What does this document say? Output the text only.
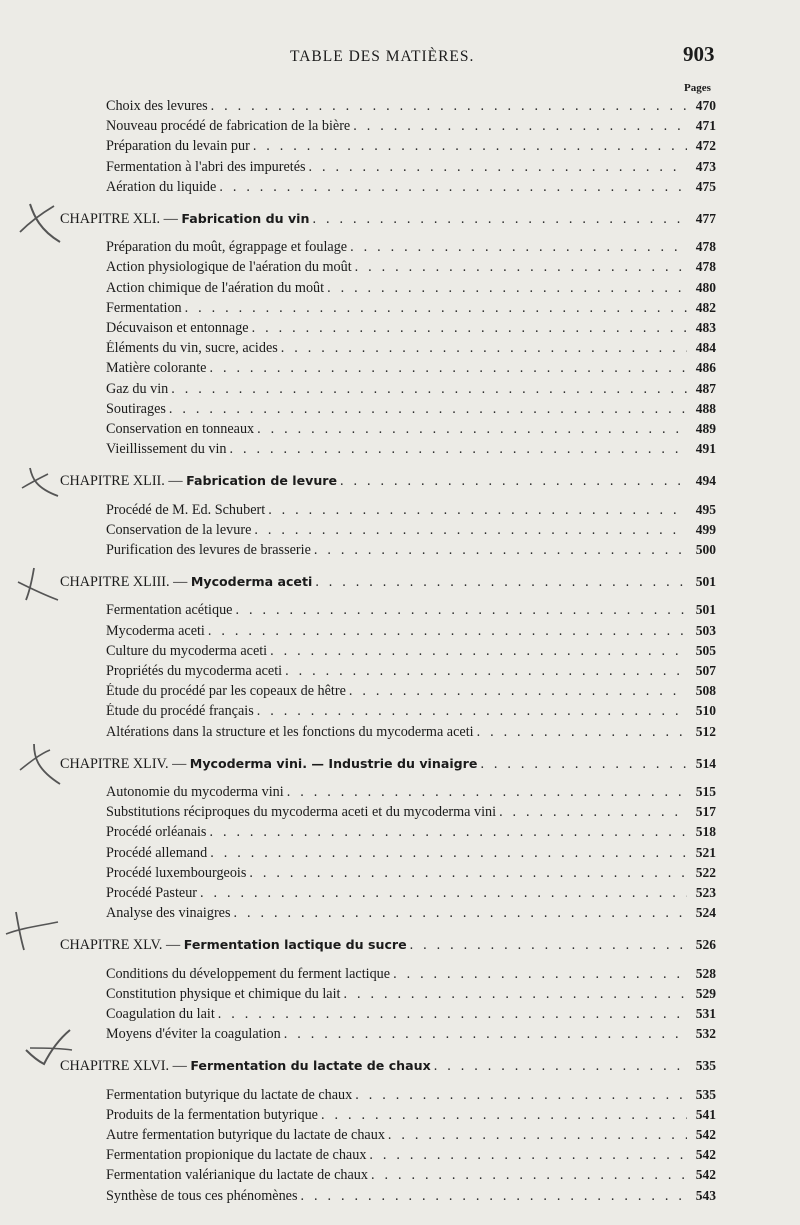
TABLE DES MATIÈRES.	903
Pages
Choix des levures . . .	470
Nouveau procédé de fabrication de la bière . . .	471
Préparation du levain pur . . .	472
Fermentation à l'abri des impuretés . . .	473
Aération du liquide . . .	475
CHAPITRE XLI. — Fabrication du vin . . .	477
Préparation du moût, égrappage et foulage . . .	478
Action physiologique de l'aération du moût . . .	478
Action chimique de l'aération du moût . . .	480
Fermentation . . .	482
Décuvaison et entonnage . . .	483
Éléments du vin, sucre, acides . . .	484
Matière colorante . . .	486
Gaz du vin . . .	487
Soutirages . . .	488
Conservation en tonneaux . . .	489
Vieillissement du vin . . .	491
CHAPITRE XLII. — Fabrication de levure . . .	494
Procédé de M. Ed. Schubert . . .	495
Conservation de la levure . . .	499
Purification des levures de brasserie . . .	500
CHAPITRE XLIII. — Mycoderma aceti . . .	501
Fermentation acétique . . .	501
Mycoderma aceti . . .	503
Culture du mycoderma aceti . . .	505
Propriétés du mycoderma aceti . . .	507
Étude du procédé par les copeaux de hêtre . . .	508
Étude du procédé français . . .	510
Altérations dans la structure et les fonctions du mycoderma aceti . . .	512
CHAPITRE XLIV. — Mycoderma vini. — Industrie du vinaigre . . .	514
Autonomie du mycoderma vini . . .	515
Substitutions réciproques du mycoderma aceti et du mycoderma vini . . .	517
Procédé orléanais . . .	518
Procédé allemand . . .	521
Procédé luxembourgeois . . .	522
Procédé Pasteur . . .	523
Analyse des vinaigres . . .	524
CHAPITRE XLV. — Fermentation lactique du sucre . . .	526
Conditions du développement du ferment lactique . . .	528
Constitution physique et chimique du lait . . .	529
Coagulation du lait . . .	531
Moyens d'éviter la coagulation . . .	532
CHAPITRE XLVI. — Fermentation du lactate de chaux . . .	535
Fermentation butyrique du lactate de chaux . . .	535
Produits de la fermentation butyrique . . .	541
Autre fermentation butyrique du lactate de chaux . . .	542
Fermentation propionique du lactate de chaux . . .	542
Fermentation valérianique du lactate de chaux . . .	542
Synthèse de tous ces phénomènes . . .	543
